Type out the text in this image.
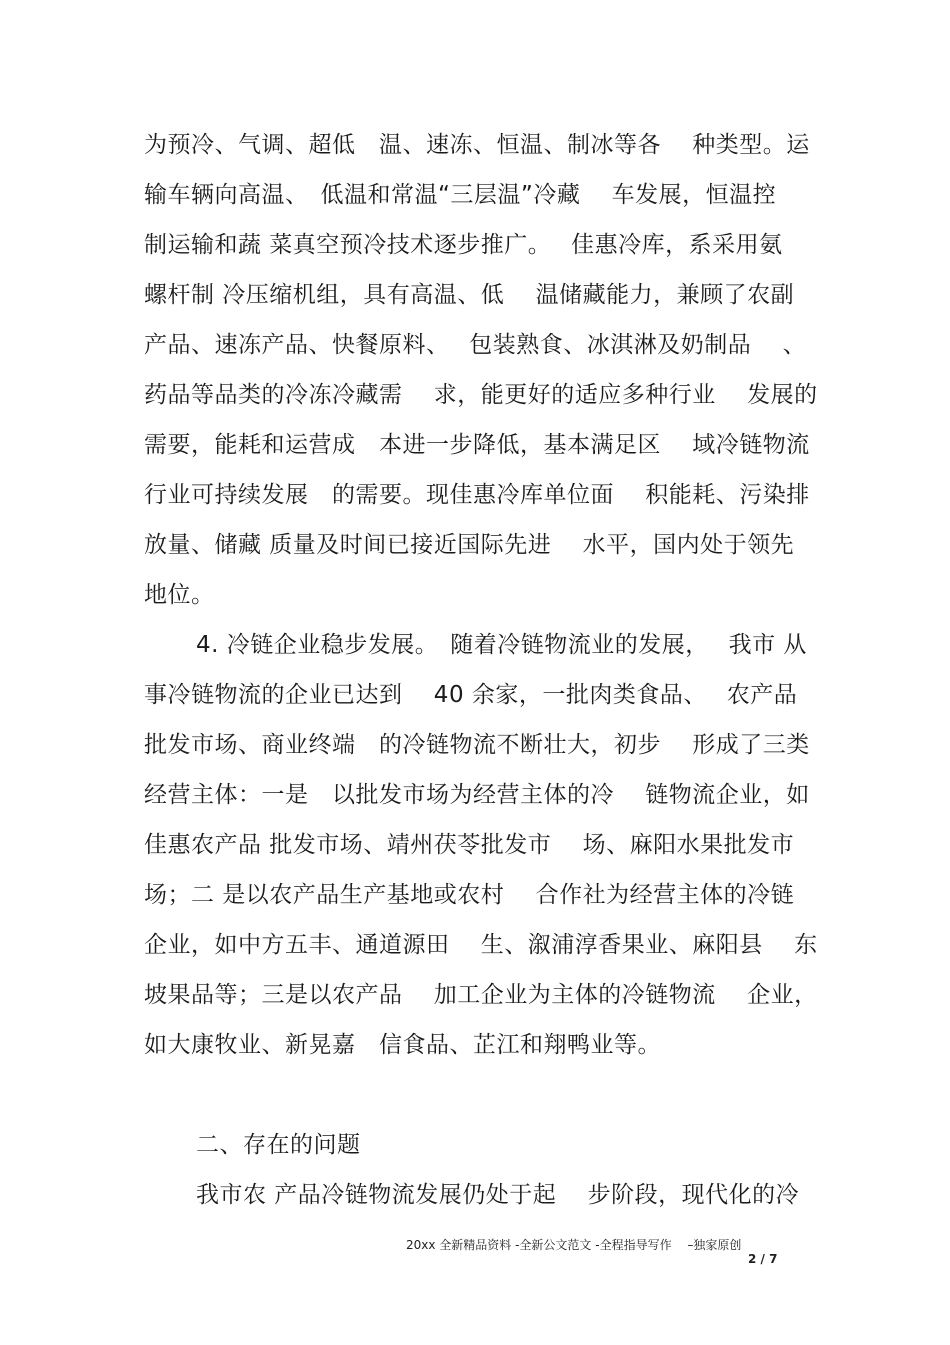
为预冷、气调、超低　温、速冻、恒温、制冰等各　 种类型。运
输车辆向高温、　低温和常温“三层温”冷藏　 车发展，恒温控
制运输和蔬 菜真空预冷技术逐步推广。　 佳惠冷库，系采用氨
螺杆制 冷压缩机组，具有高温、低　 温储藏能力，兼顾了农副
产品、速冻产品、快餐原料、　 包装熟食、冰淇淋及奶制品　 、
药品等品类的冷冻冷藏需　 求，能更好的适应多种行业　 发展的
需要，能耗和运营成　本进一步降低，基本满足区　 域冷链物流
行业可持续发展　的需要。现佳惠冷库单位面　 积能耗、污染排
放量、储藏 质量及时间已接近国际先进　 水平，国内处于领先
地位。
4. 冷链企业稳步发展。　随着冷链物流业的发展，　 我市 从
事冷链物流的企业已达到　 40 余家，一批肉类食品、　 农产品
批发市场、商业终端　的冷链物流不断壮大，初步　 形成了三类
经营主体：一是　以批发市场为经营主体的冷　 链物流企业，如
佳惠农产品 批发市场、靖州茯苓批发市　 场、麻阳水果批发市
场；二 是以农产品生产基地或农村　 合作社为经营主体的冷链
企业，如中方五丰、通道源田　 生、溆浦淳香果业、麻阳县　 东
坡果品等；三是以农产品　 加工企业为主体的冷链物流　 企业，
如大康牧业、新晃嘉　信食品、芷江和翔鸭业等。
二、存在的问题
我市农 产品冷链物流发展仍处于起　 步阶段，现代化的冷
20xx 全新精品资料 -全新公文范文 -全程指导写作　 –独家原创
2 / 7
